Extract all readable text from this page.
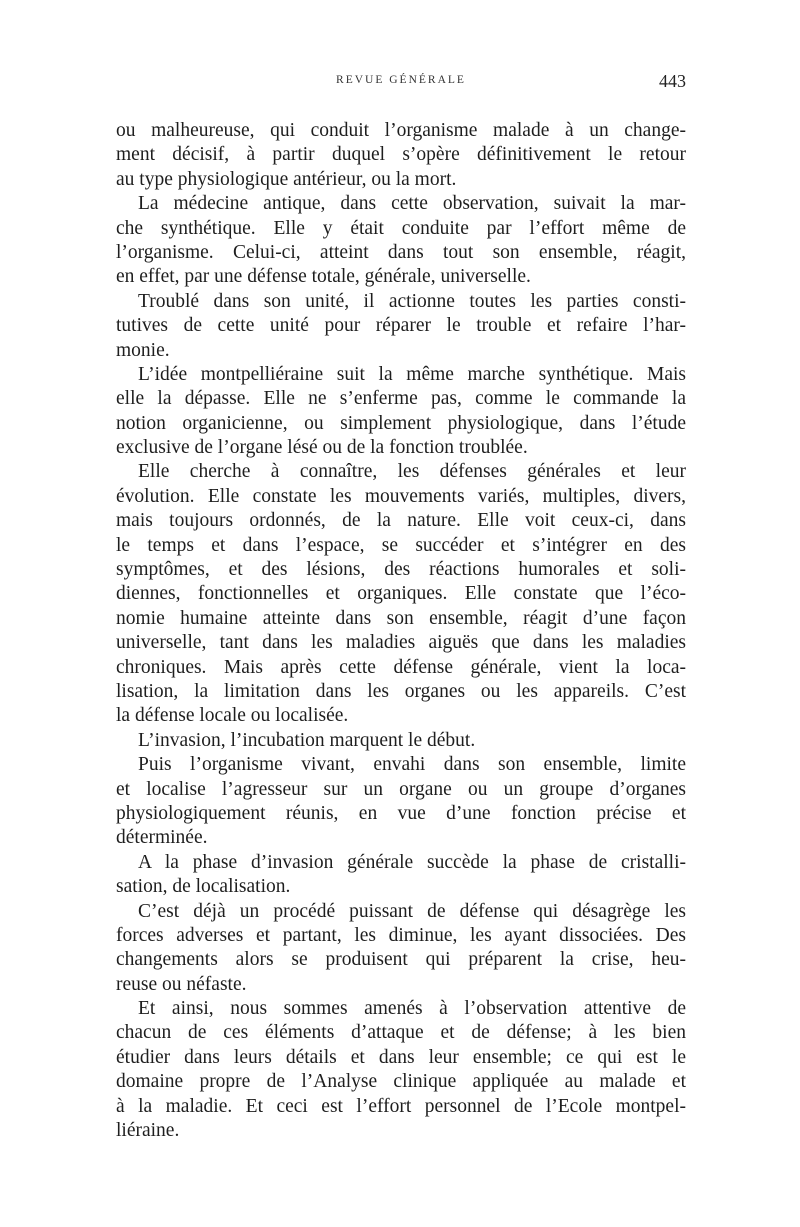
REVUE GÉNÉRALE	443
ou malheureuse, qui conduit l’organisme malade à un change-
ment décisif, à partir duquel s’opère définitivement le retour
au type physiologique antérieur, ou la mort.
La médecine antique, dans cette observation, suivait la mar-
che synthétique. Elle y était conduite par l’effort même de
l’organisme. Celui-ci, atteint dans tout son ensemble, réagit,
en effet, par une défense totale, générale, universelle.
Troublé dans son unité, il actionne toutes les parties consti-
tutives de cette unité pour réparer le trouble et refaire l’har-
monie.
L’idée montpelliéraine suit la même marche synthétique. Mais
elle la dépasse. Elle ne s’enferme pas, comme le commande la
notion organicienne, ou simplement physiologique, dans l’étude
exclusive de l’organe lésé ou de la fonction troublée.
Elle cherche à connaître, les défenses générales et leur
évolution. Elle constate les mouvements variés, multiples, divers,
mais toujours ordonnés, de la nature. Elle voit ceux-ci, dans
le temps et dans l’espace, se succéder et s’intégrer en des
symptômes, et des lésions, des réactions humorales et soli-
diennes, fonctionnelles et organiques. Elle constate que l’éco-
nomie humaine atteinte dans son ensemble, réagit d’une façon
universelle, tant dans les maladies aiguës que dans les maladies
chroniques. Mais après cette défense générale, vient la loca-
lisation, la limitation dans les organes ou les appareils. C’est
la défense locale ou localisée.
L’invasion, l’incubation marquent le début.
Puis l’organisme vivant, envahi dans son ensemble, limite
et localise l’agresseur sur un organe ou un groupe d’organes
physiologiquement réunis, en vue d’une fonction précise et
déterminée.
A la phase d’invasion générale succède la phase de cristalli-
sation, de localisation.
C’est déjà un procédé puissant de défense qui désagrège les
forces adverses et partant, les diminue, les ayant dissociées. Des
changements alors se produisent qui préparent la crise, heu-
reuse ou néfaste.
Et ainsi, nous sommes amenés à l’observation attentive de
chacun de ces éléments d’attaque et de défense; à les bien
étudier dans leurs détails et dans leur ensemble; ce qui est le
domaine propre de l’Analyse clinique appliquée au malade et
à la maladie. Et ceci est l’effort personnel de l’Ecole montpel-
liéraine.
